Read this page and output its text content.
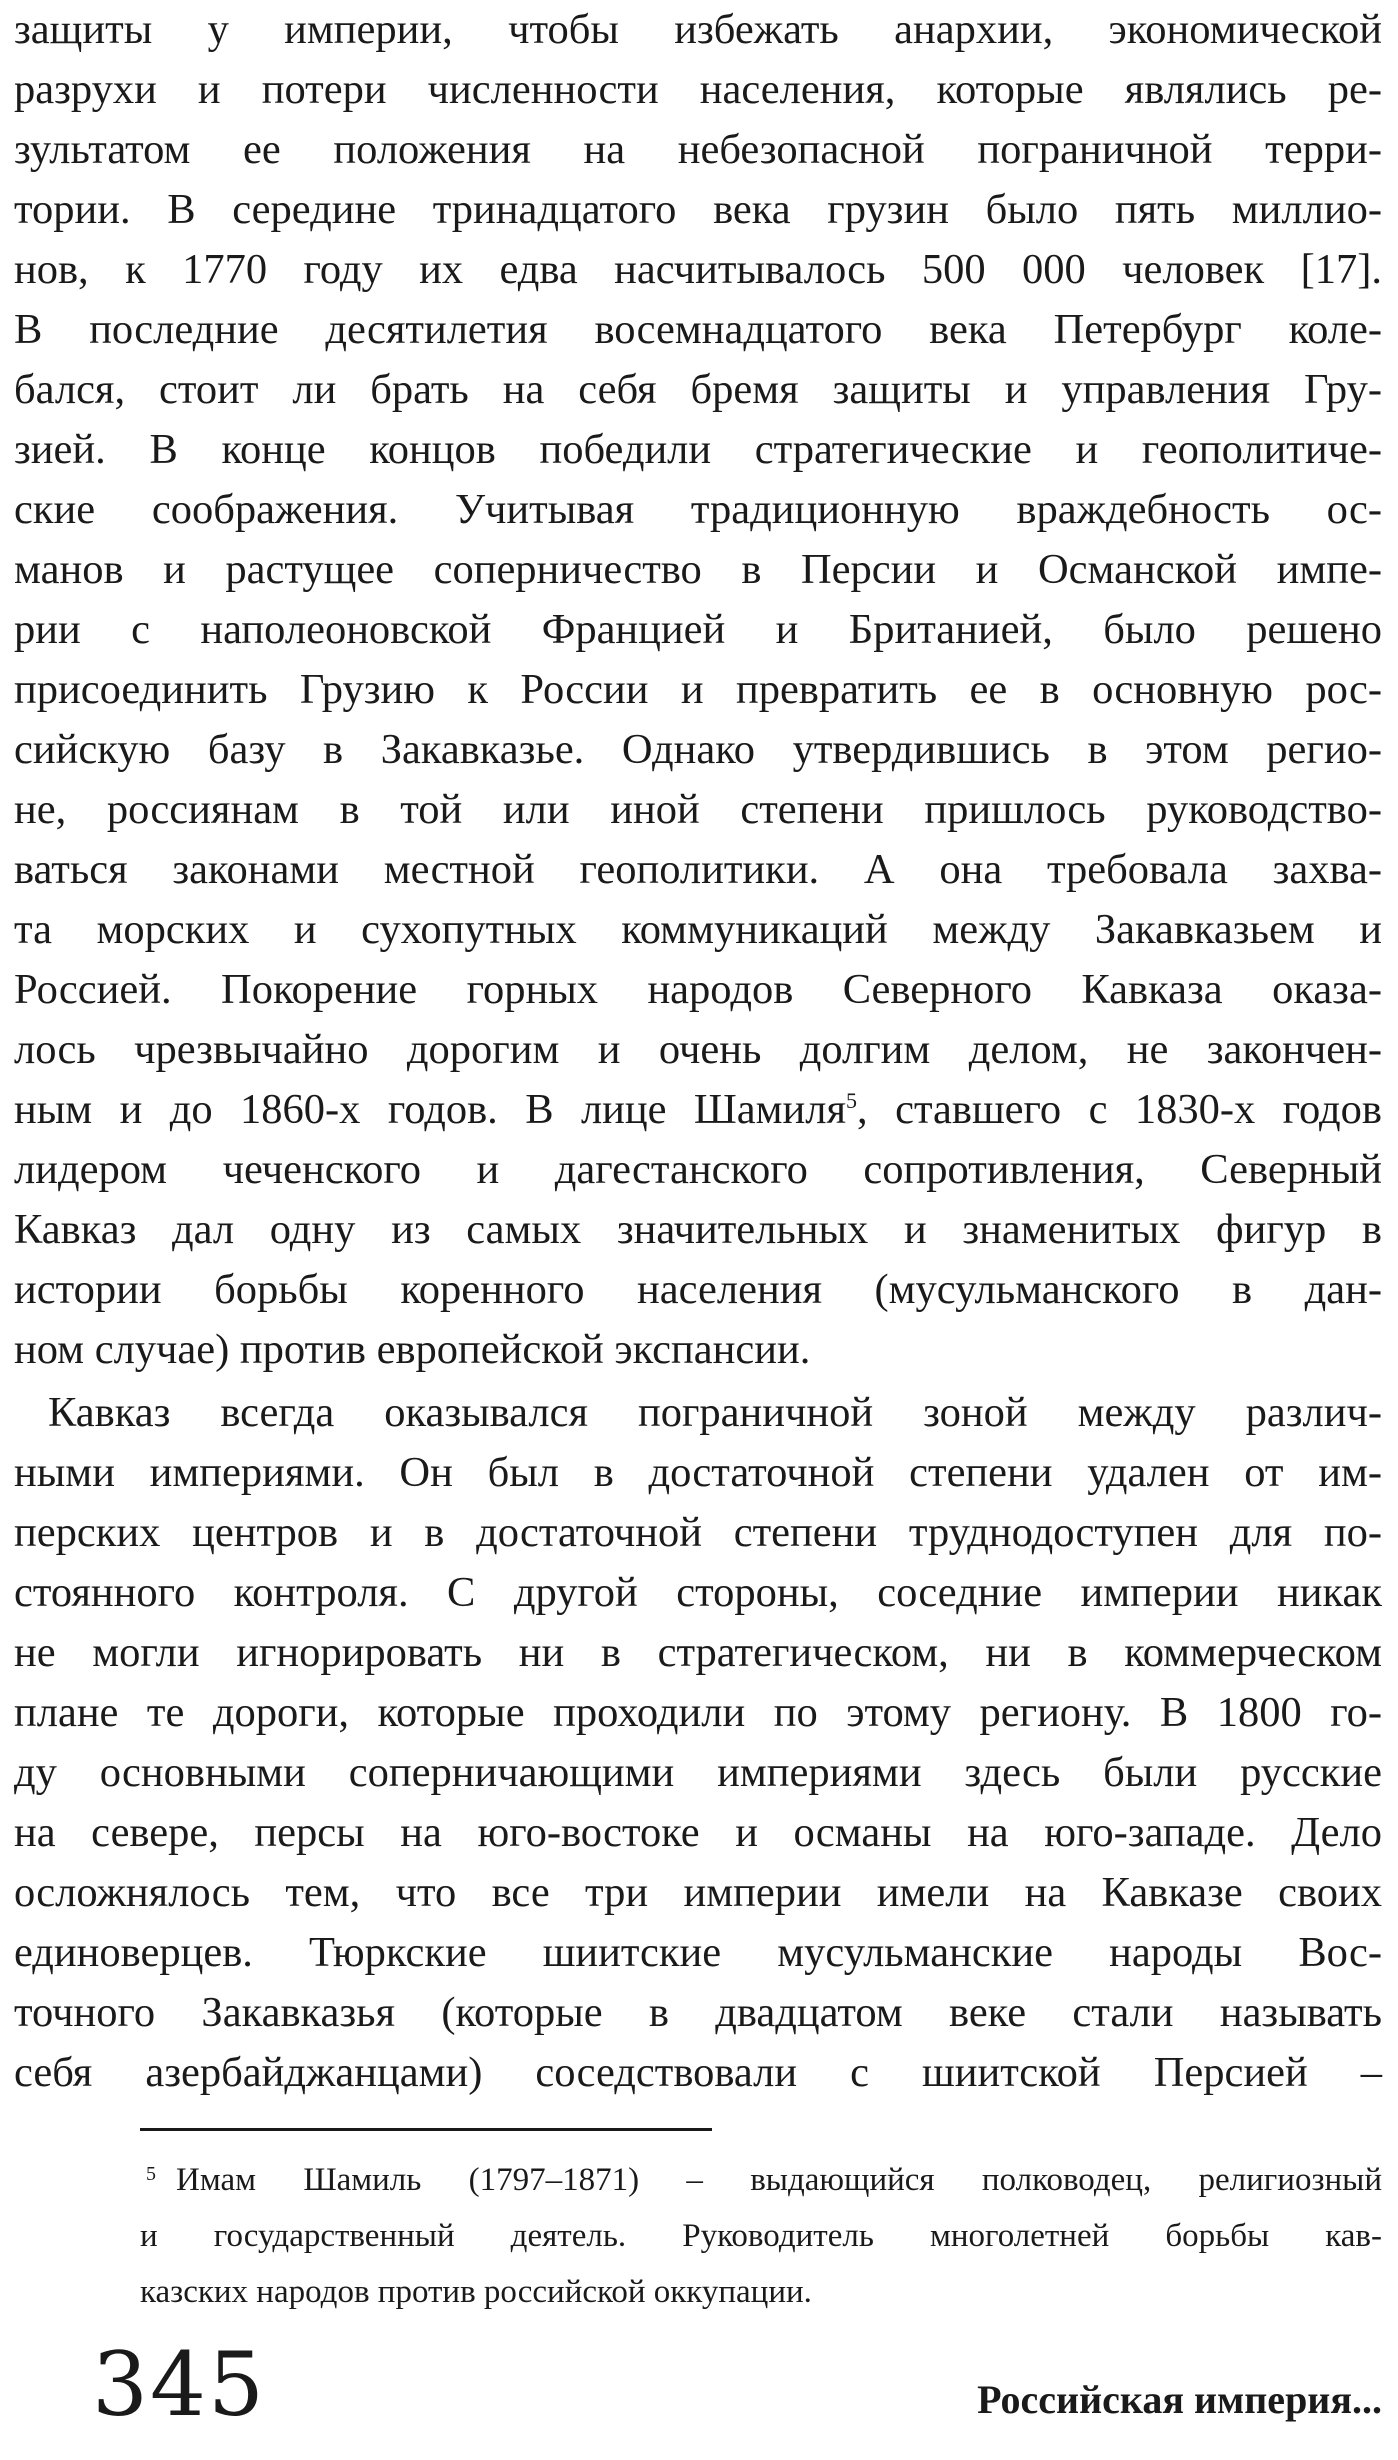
защиты у империи, чтобы избежать анархии, экономической
разрухи и потери численности населения, которые являлись ре-
зультатом ее положения на небезопасной пограничной терри-
тории. В середине тринадцатого века грузин было пять миллио-
нов, к 1770 году их едва насчитывалось 500 000 человек [17].
В последние десятилетия восемнадцатого века Петербург коле-
бался, стоит ли брать на себя бремя защиты и управления Гру-
зией. В конце концов победили стратегические и геополитиче-
ские соображения. Учитывая традиционную враждебность ос-
манов и растущее соперничество в Персии и Османской импе-
рии с наполеоновской Францией и Британией, было решено
присоединить Грузию к России и превратить ее в основную рос-
сийскую базу в Закавказье. Однако утвердившись в этом регио-
не, россиянам в той или иной степени пришлось руководство-
ваться законами местной геополитики. А она требовала захва-
та морских и сухопутных коммуникаций между Закавказьем и
Россией. Покорение горных народов Северного Кавказа оказа-
лось чрезвычайно дорогим и очень долгим делом, не закончен-
ным и до 1860-х годов. В лице Шамиля$^5$, ставшего с 1830-х годов
лидером чеченского и дагестанского сопротивления, Северный
Кавказ дал одну из самых значительных и знаменитых фигур в
истории борьбы коренного населения (мусульманского в дан-
ном случае) против европейской экспансии.
Кавказ всегда оказывался пограничной зоной между различ-
ными империями. Он был в достаточной степени удален от им-
перских центров и в достаточной степени труднодоступен для по-
стоянного контроля. С другой стороны, соседние империи никак
не могли игнорировать ни в стратегическом, ни в коммерческом
плане те дороги, которые проходили по этому региону. В 1800 го-
ду основными соперничающими империями здесь были русские
на севере, персы на юго-востоке и османы на юго-западе. Дело
осложнялось тем, что все три империи имели на Кавказе своих
единоверцев. Тюркские шиитские мусульманские народы Вос-
точного Закавказья (которые в двадцатом веке стали называть
себя азербайджанцами) соседствовали с шиитской Персией –
5 Имам Шамиль (1797–1871) – выдающийся полководец, религиозный
и государственный деятель. Руководитель многолетней борьбы кав-
казских народов против российской оккупации.
345	Российская империя...
